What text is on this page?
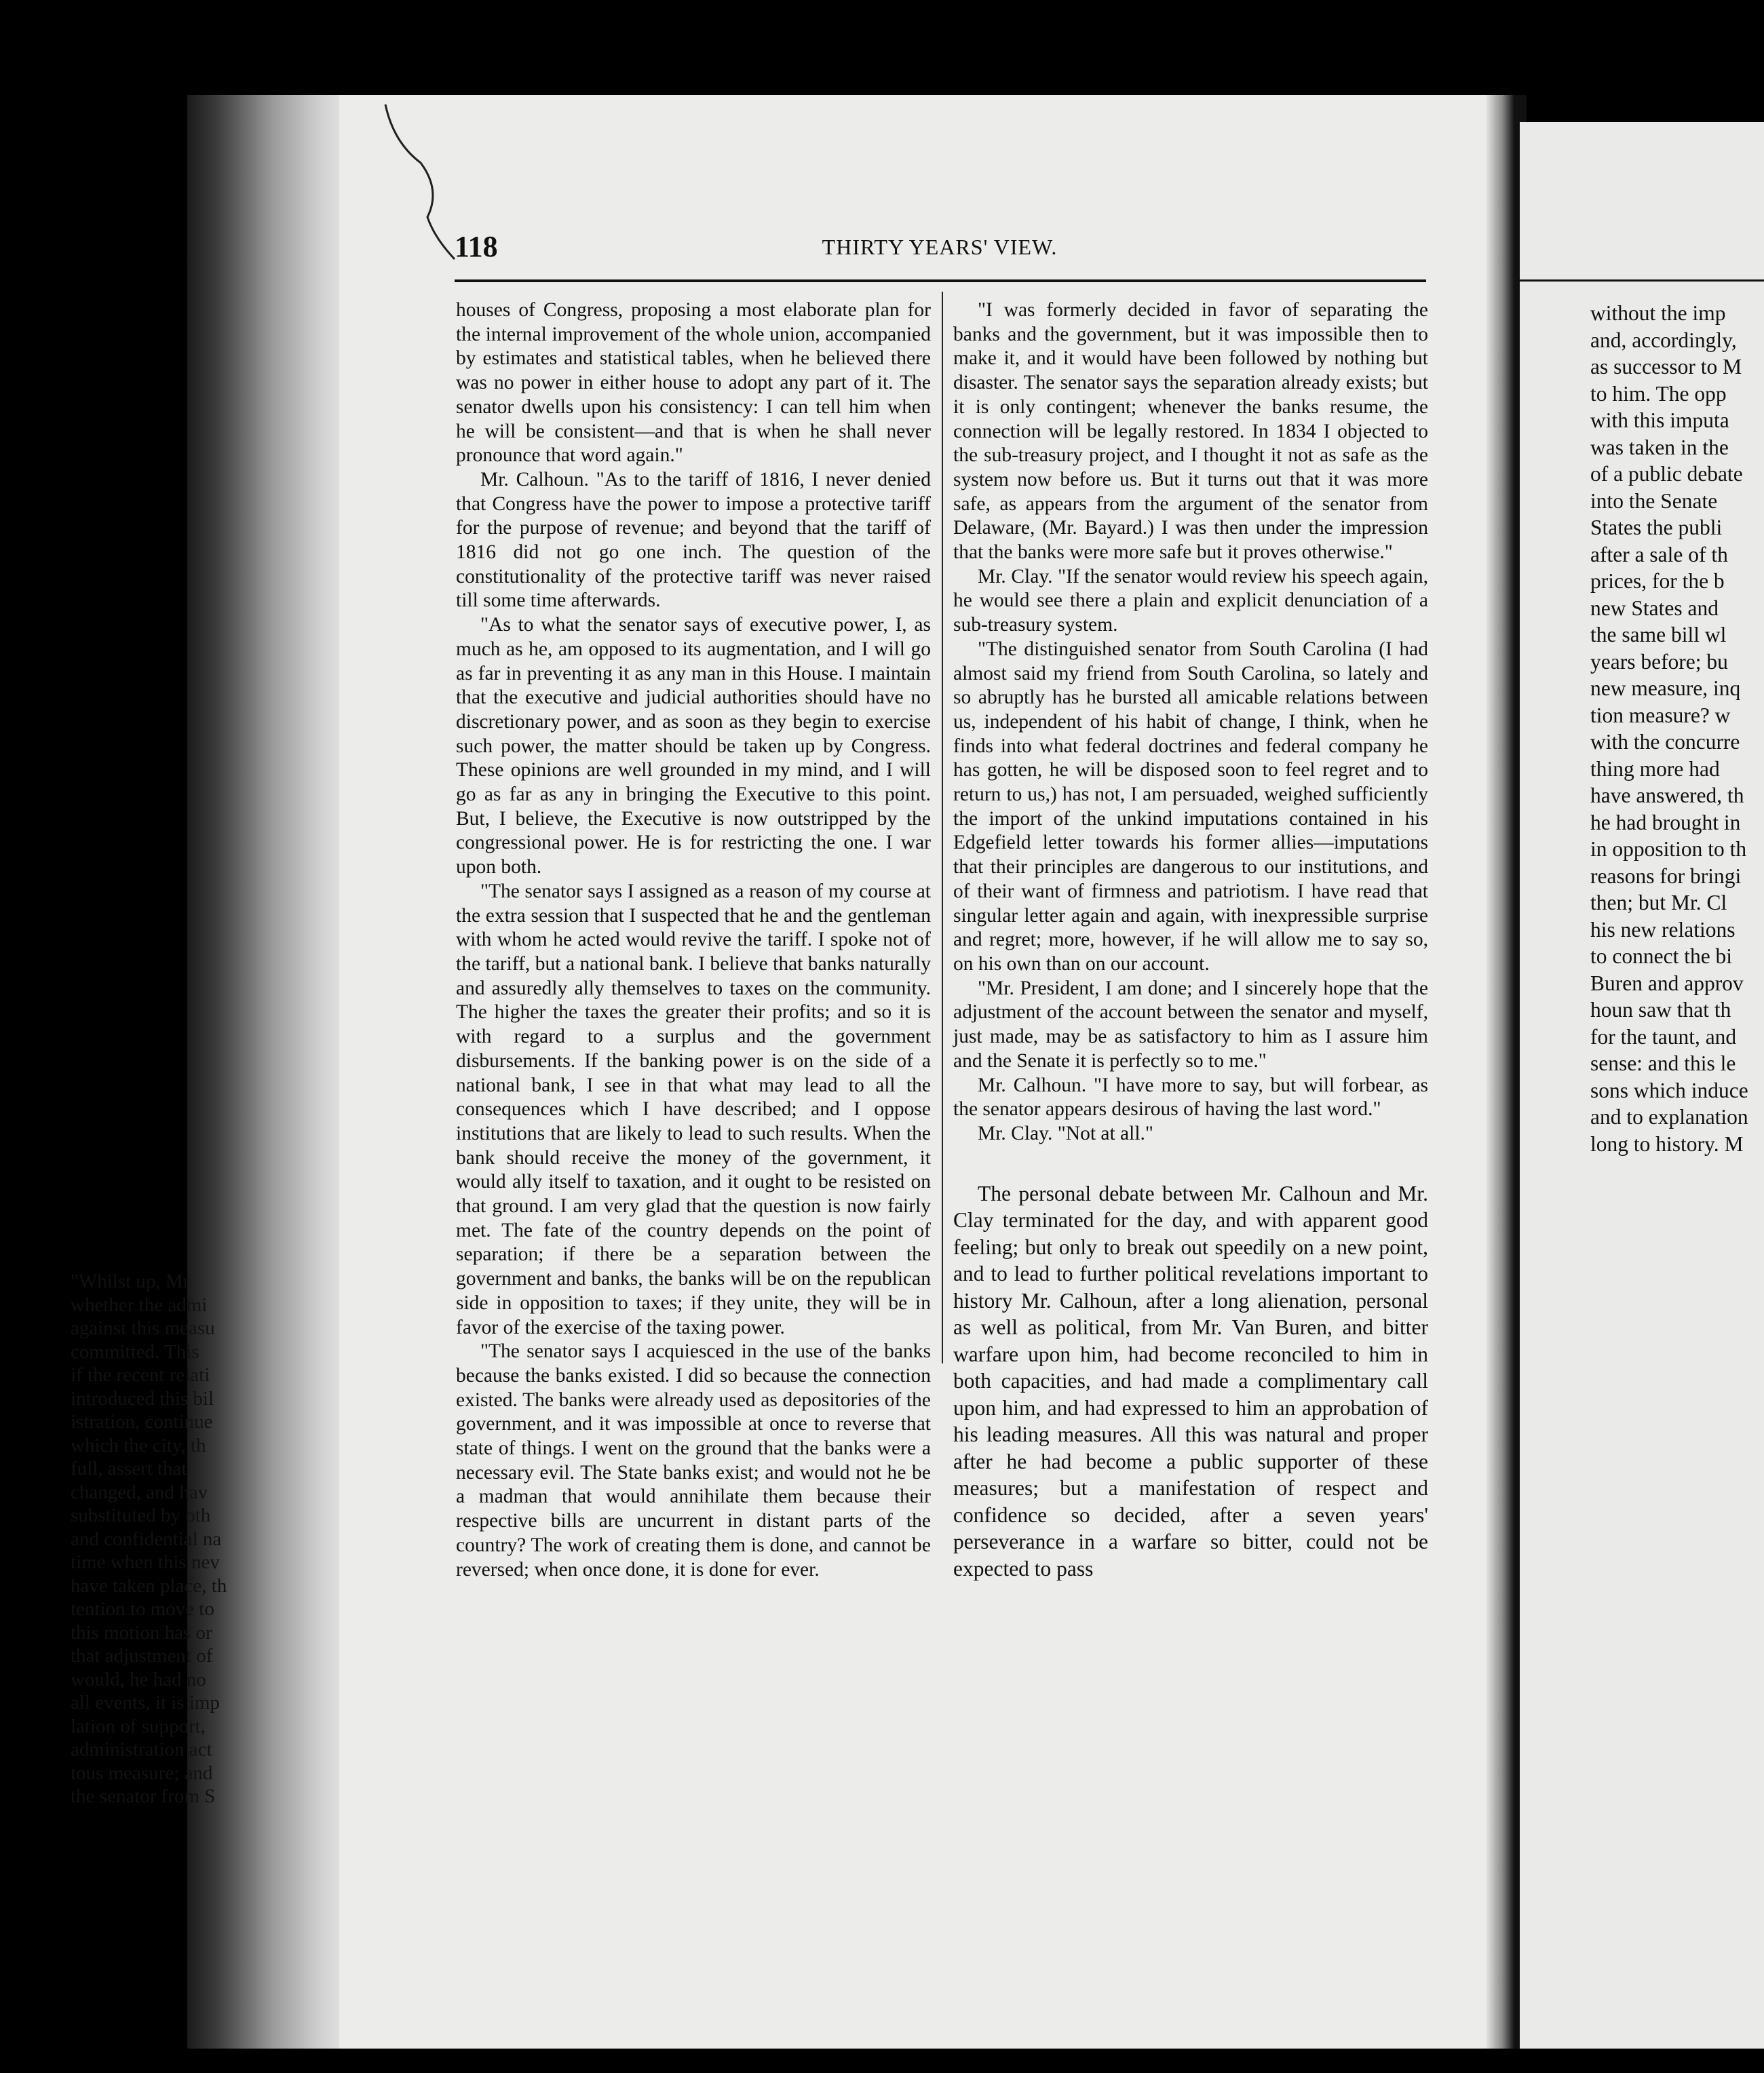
118	THIRTY YEARS' VIEW.

houses of Congress, proposing a most elaborate plan for the internal improvement of the whole union, accompanied by estimates and statistical tables, when he believed there was no power in either house to adopt any part of it. The senator dwells upon his consistency: I can tell him when he will be consistent—and that is when he shall never pronounce that word again."

Mr. Calhoun. "As to the tariff of 1816, I never denied that Congress have the power to impose a protective tariff for the purpose of revenue; and beyond that the tariff of 1816 did not go one inch. The question of the constitutionality of the protective tariff was never raised till some time afterwards.

"As to what the senator says of executive power, I, as much as he, am opposed to its augmentation, and I will go as far in preventing it as any man in this House. I maintain that the executive and judicial authorities should have no discretionary power, and as soon as they begin to exercise such power, the matter should be taken up by Congress. These opinions are well grounded in my mind, and I will go as far as any in bringing the Executive to this point. But, I believe, the Executive is now outstripped by the congressional power. He is for restricting the one. I war upon both.

"The senator says I assigned as a reason of my course at the extra session that I suspected that he and the gentleman with whom he acted would revive the tariff. I spoke not of the tariff, but a national bank. I believe that banks naturally and assuredly ally themselves to taxes on the community. The higher the taxes the greater their profits; and so it is with regard to a surplus and the government disbursements. If the banking power is on the side of a national bank, I see in that what may lead to all the consequences which I have described; and I oppose institutions that are likely to lead to such results. When the bank should receive the money of the government, it would ally itself to taxation, and it ought to be resisted on that ground. I am very glad that the question is now fairly met. The fate of the country depends on the point of separation; if there be a separation between the government and banks, the banks will be on the republican side in opposition to taxes; if they unite, they will be in favor of the exercise of the taxing power.

"The senator says I acquiesced in the use of the banks because the banks existed. I did so because the connection existed. The banks were already used as depositories of the government, and it was impossible at once to reverse that state of things. I went on the ground that the banks were a necessary evil. The State banks exist; and would not he be a madman that would annihilate them because their respective bills are uncurrent in distant parts of the country? The work of creating them is done, and cannot be reversed; when once done, it is done for ever.

"I was formerly decided in favor of separating the banks and the government, but it was impossible then to make it, and it would have been followed by nothing but disaster. The senator says the separation already exists; but it is only contingent; whenever the banks resume, the connection will be legally restored. In 1834 I objected to the sub-treasury project, and I thought it not as safe as the system now before us. But it turns out that it was more safe, as appears from the argument of the senator from Delaware, (Mr. Bayard.) I was then under the impression that the banks were more safe but it proves otherwise."

Mr. Clay. "If the senator would review his speech again, he would see there a plain and explicit denunciation of a sub-treasury system.

"The distinguished senator from South Carolina (I had almost said my friend from South Carolina, so lately and so abruptly has he bursted all amicable relations between us, independent of his habit of change, I think, when he finds into what federal doctrines and federal company he has gotten, he will be disposed soon to feel regret and to return to us,) has not, I am persuaded, weighed sufficiently the import of the unkind imputations contained in his Edgefield letter towards his former allies—imputations that their principles are dangerous to our institutions, and of their want of firmness and patriotism. I have read that singular letter again and again, with inexpressible surprise and regret; more, however, if he will allow me to say so, on his own than on our account.

"Mr. President, I am done; and I sincerely hope that the adjustment of the account between the senator and myself, just made, may be as satisfactory to him as I assure him and the Senate it is perfectly so to me."

Mr. Calhoun. "I have more to say, but will forbear, as the senator appears desirous of having the last word."

Mr. Clay. "Not at all."

The personal debate between Mr. Calhoun and Mr. Clay terminated for the day, and with apparent good feeling; but only to break out speedily on a new point, and to lead to further political revelations important to history Mr. Calhoun, after a long alienation, personal as well as political, from Mr. Van Buren, and bitter warfare upon him, had become reconciled to him in both capacities, and had made a complimentary call upon him, and had expressed to him an approbation of his leading measures. All this was natural and proper after he had become a public supporter of these measures; but a manifestation of respect and confidence so decided, after a seven years' perseverance in a warfare so bitter, could not be expected to pass

without the imp
and, accordingly,
as successor to M
to him. The opp
with this imputa
was taken in the
of a public debate
into the Senate
States the publi
after a sale of th
prices, for the b
new States and
the same bill wl
years before; bu
new measure, inq
tion measure? w
with the concurre
thing more had
have answered, th
he had brought in
in opposition to th
reasons for bringi
then; but Mr. Cl
his new relations
to connect the bi
Buren and approv
houn saw that th
for the taunt, and
sense: and this le
sons which induce
and to explanation
long to history. M
"Whilst up, Mr
whether the admi
against this measu
committed. This
if the recent relati
introduced this bil
istration, continue
which the city, th
full, assert that
changed, and hav
substituted by oth
and confidential na
time when this nev
have taken place, th
tention to move to
this motion has or
that adjustment of
would, he had no
all events, it is imp
lation of support,
administration act
tous measure; and
the senator from S
